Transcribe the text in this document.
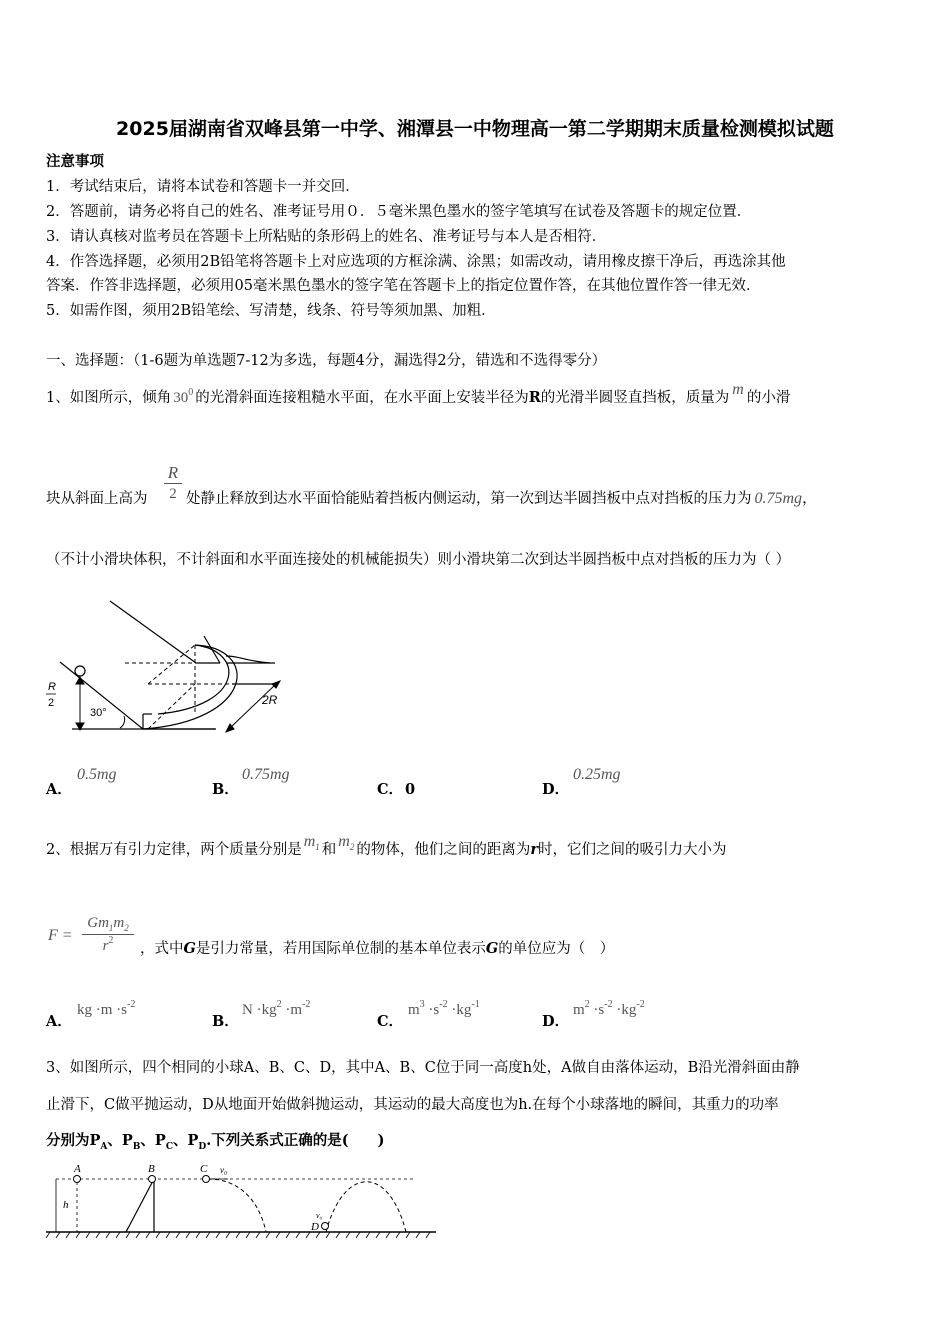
2025届湖南省双峰县第一中学、湘潭县一中物理高一第二学期期末质量检测模拟试题
注意事项
1．考试结束后，请将本试卷和答题卡一并交回．
2．答题前，请务必将自己的姓名、准考证号用０．５毫米黑色墨水的签字笔填写在试卷及答题卡的规定位置．
3．请认真核对监考员在答题卡上所粘贴的条形码上的姓名、准考证号与本人是否相符．
4．作答选择题，必须用2B铅笔将答题卡上对应选项的方框涂满、涂黑；如需改动，请用橡皮擦干净后，再选涂其他
答案．作答非选择题，必须用05毫米黑色墨水的签字笔在答题卡上的指定位置作答，在其他位置作答一律无效．
5．如需作图，须用2B铅笔绘、写清楚，线条、符号等须加黑、加粗．
一、选择题：（1-6题为单选题7-12为多选，每题4分，漏选得2分，错选和不选得零分）
1、如图所示，倾角 $30^0$ 的光滑斜面连接粗糙水平面，在水平面上安装半径为R的光滑半圆竖直挡板，质量为 m 的小滑
块从斜面上高为 $\frac{R}{2}$ 处静止释放到达水平面恰能贴着挡板内侧运动，第一次到达半圆挡板中点对挡板的压力为 0.75mg，
（不计小滑块体积，不计斜面和水平面连接处的机械能损失）则小滑块第二次到达半圆挡板中点对挡板的压力为（ ）
R
2
30°
2R
A．
0.5mg
B．
0.75mg
C． 0	D．
0.25mg
2、根据万有引力定律，两个质量分别是 $m_1$ 和 $m_2$ 的物体，他们之间的距离为r时，它们之间的吸引力大小为
$F = \frac{Gm_1m_2}{r^2}$ ，式中G是引力常量，若用国际单位制的基本单位表示G的单位应为（　）
A．
kg $\cdot m \cdot s^{-2}$
B．
$N \cdot kg^2 \cdot m^{-2}$
C．
$m^3 \cdot s^{-2} \cdot kg^{-1}$
D．
$m^2 \cdot s^{-2} \cdot kg^{-2}$
3、如图所示，四个相同的小球A、B、C、D，其中A、B、C位于同一高度h处，A做自由落体运动，B沿光滑斜面由静
止滑下，C做平抛运动，D从地面开始做斜抛运动，其运动的最大高度也为h.在每个小球落地的瞬间，其重力的功率
分别为$P_A$、$P_B$、$P_C$、$P_D$.下列关系式正确的是(　　)
A	B	C
D
h
v₀
v₀
